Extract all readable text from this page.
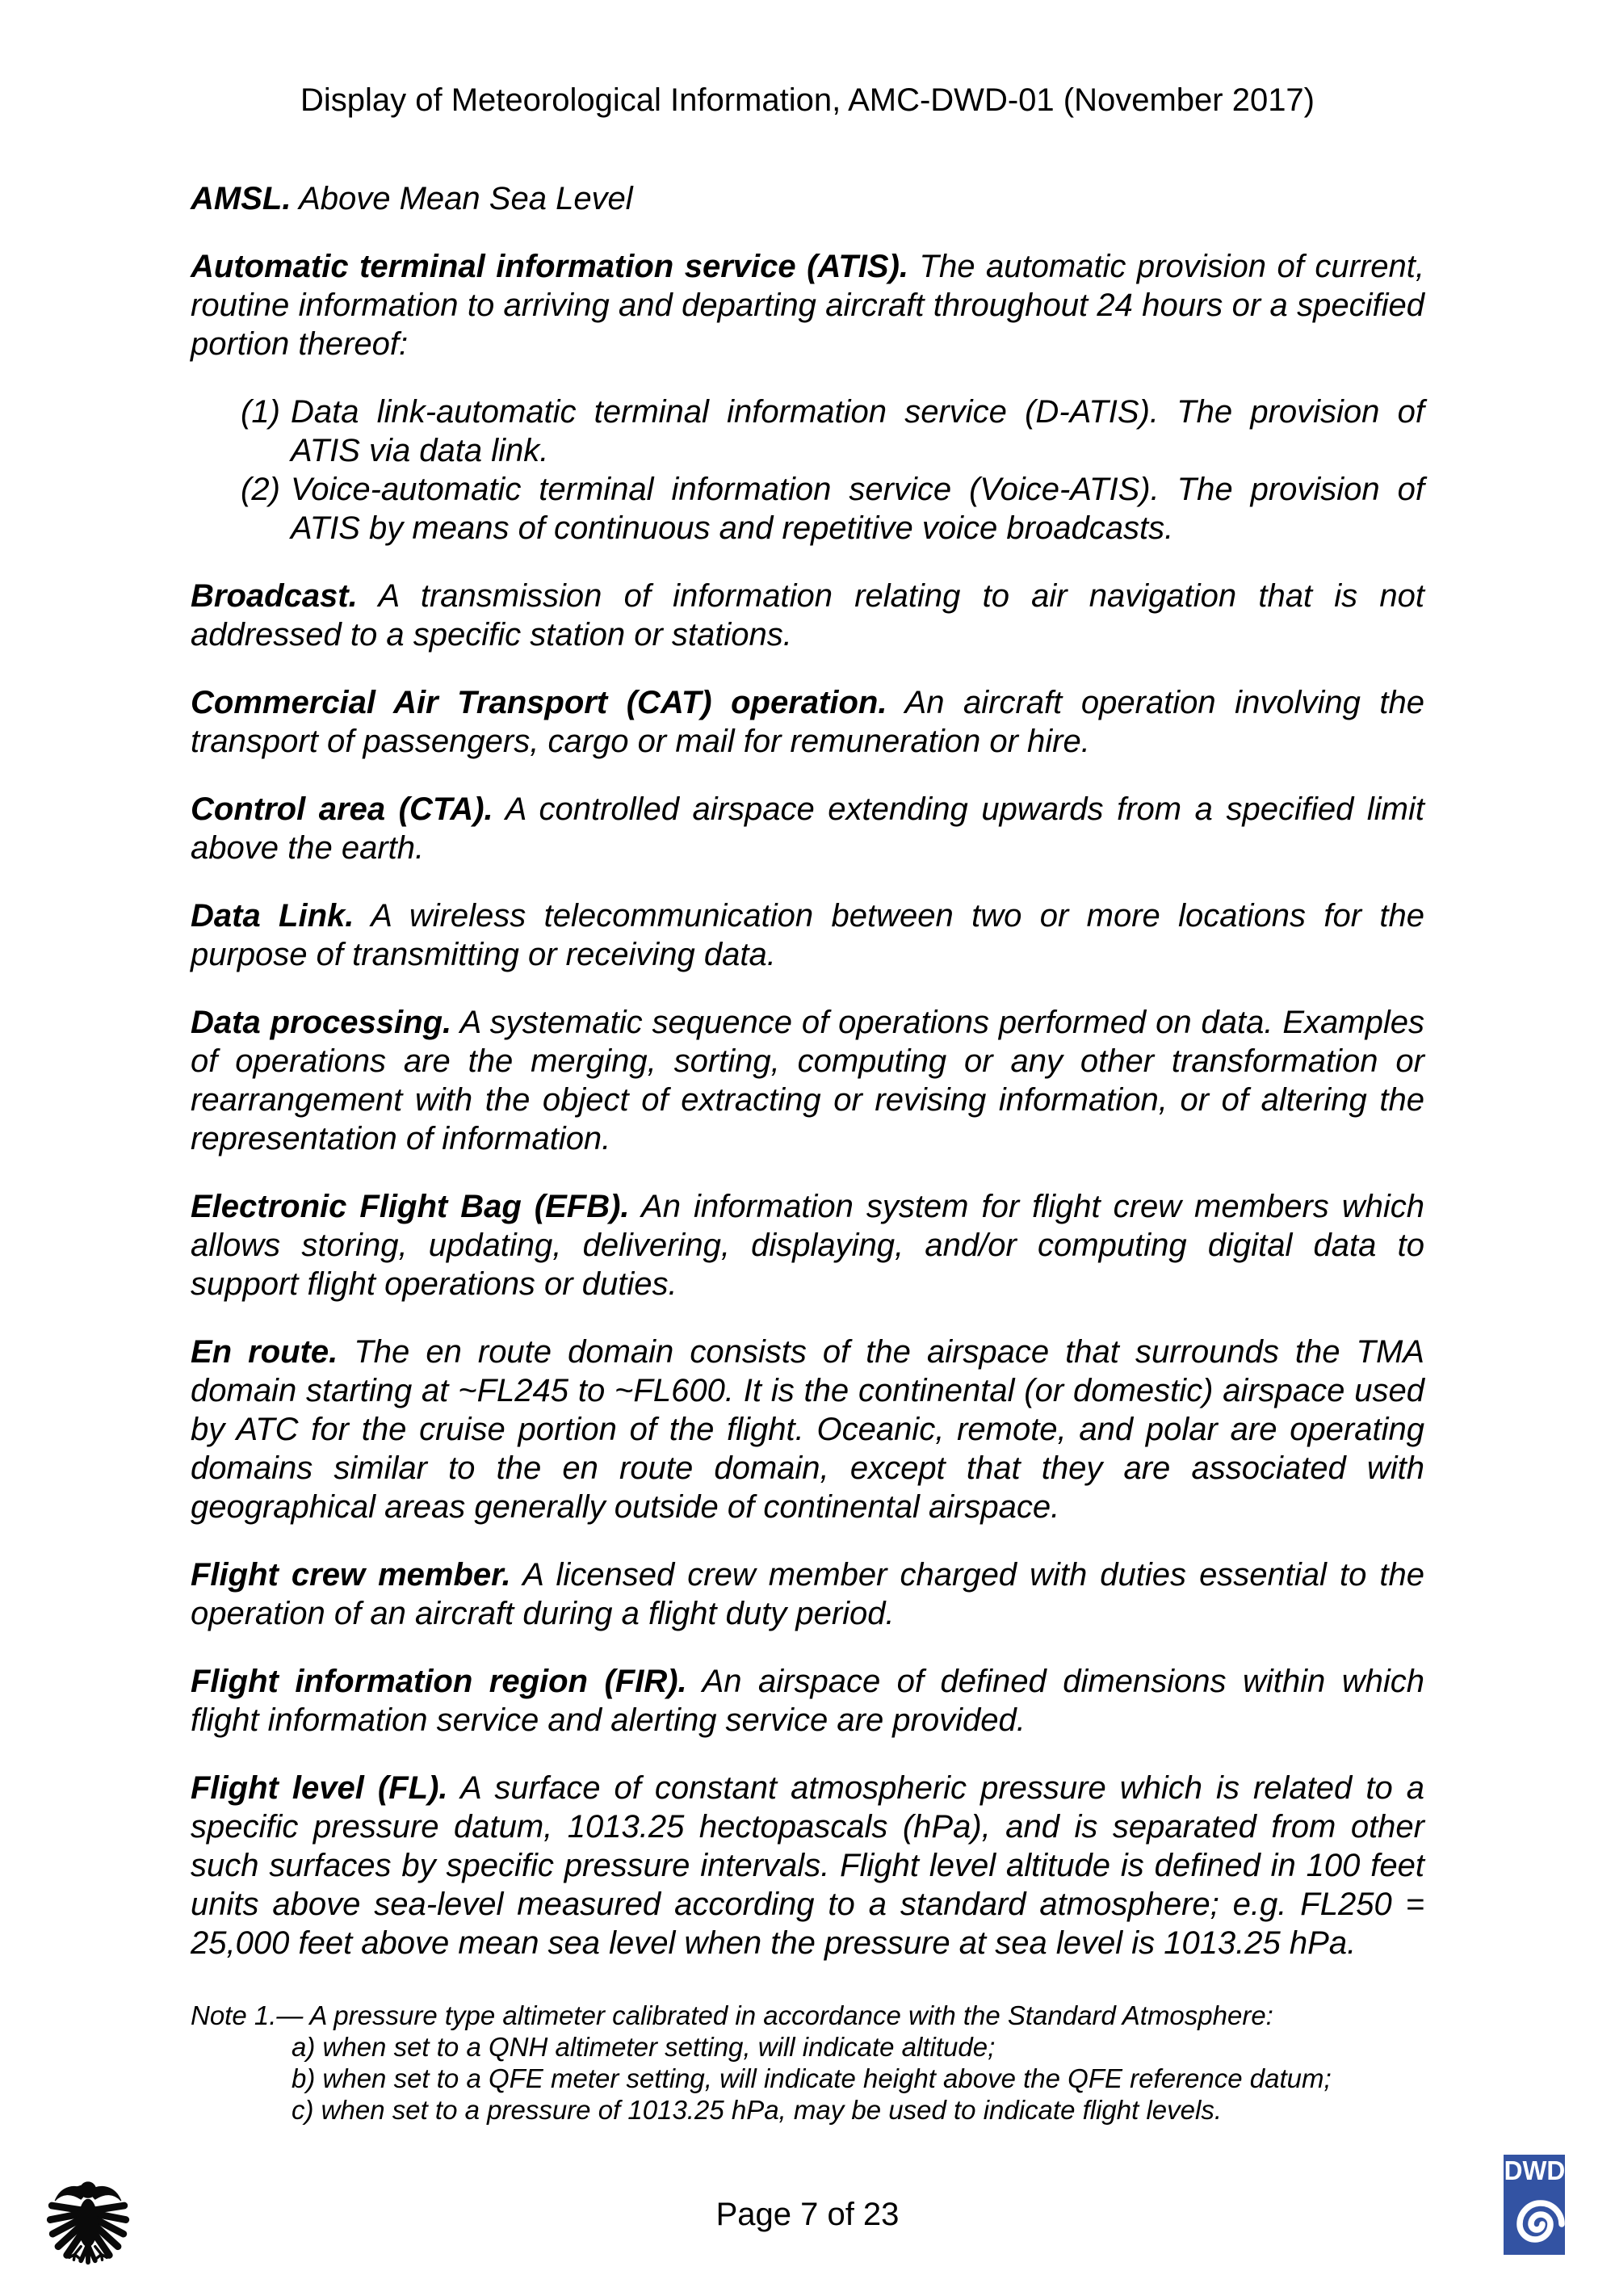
Display of Meteorological Information, AMC-DWD-01 (November 2017)

AMSL. Above Mean Sea Level

Automatic terminal information service (ATIS). The automatic provision of current, routine information to arriving and departing aircraft throughout 24 hours or a specified portion thereof:

(1) Data link-automatic terminal information service (D-ATIS). The provision of ATIS via data link.
(2) Voice-automatic terminal information service (Voice-ATIS). The provision of ATIS by means of continuous and repetitive voice broadcasts.

Broadcast. A transmission of information relating to air navigation that is not addressed to a specific station or stations.

Commercial Air Transport (CAT) operation. An aircraft operation involving the transport of passengers, cargo or mail for remuneration or hire.

Control area (CTA). A controlled airspace extending upwards from a specified limit above the earth.

Data Link. A wireless telecommunication between two or more locations for the purpose of transmitting or receiving data.

Data processing. A systematic sequence of operations performed on data. Examples of operations are the merging, sorting, computing or any other transformation or rearrangement with the object of extracting or revising information, or of altering the representation of information.

Electronic Flight Bag (EFB). An information system for flight crew members which allows storing, updating, delivering, displaying, and/or computing digital data to support flight operations or duties.

En route. The en route domain consists of the airspace that surrounds the TMA domain starting at ~FL245 to ~FL600. It is the continental (or domestic) airspace used by ATC for the cruise portion of the flight. Oceanic, remote, and polar are operating domains similar to the en route domain, except that they are associated with geographical areas generally outside of continental airspace.

Flight crew member. A licensed crew member charged with duties essential to the operation of an aircraft during a flight duty period.

Flight information region (FIR). An airspace of defined dimensions within which flight information service and alerting service are provided.

Flight level (FL). A surface of constant atmospheric pressure which is related to a specific pressure datum, 1013.25 hectopascals (hPa), and is separated from other such surfaces by specific pressure intervals. Flight level altitude is defined in 100 feet units above sea-level measured according to a standard atmosphere; e.g. FL250 = 25,000 feet above mean sea level when the pressure at sea level is 1013.25 hPa.

Note 1.— A pressure type altimeter calibrated in accordance with the Standard Atmosphere:
a) when set to a QNH altimeter setting, will indicate altitude;
b) when set to a QFE meter setting, will indicate height above the QFE reference datum;
c) when set to a pressure of 1013.25 hPa, may be used to indicate flight levels.
Page 7 of 23
DWD
